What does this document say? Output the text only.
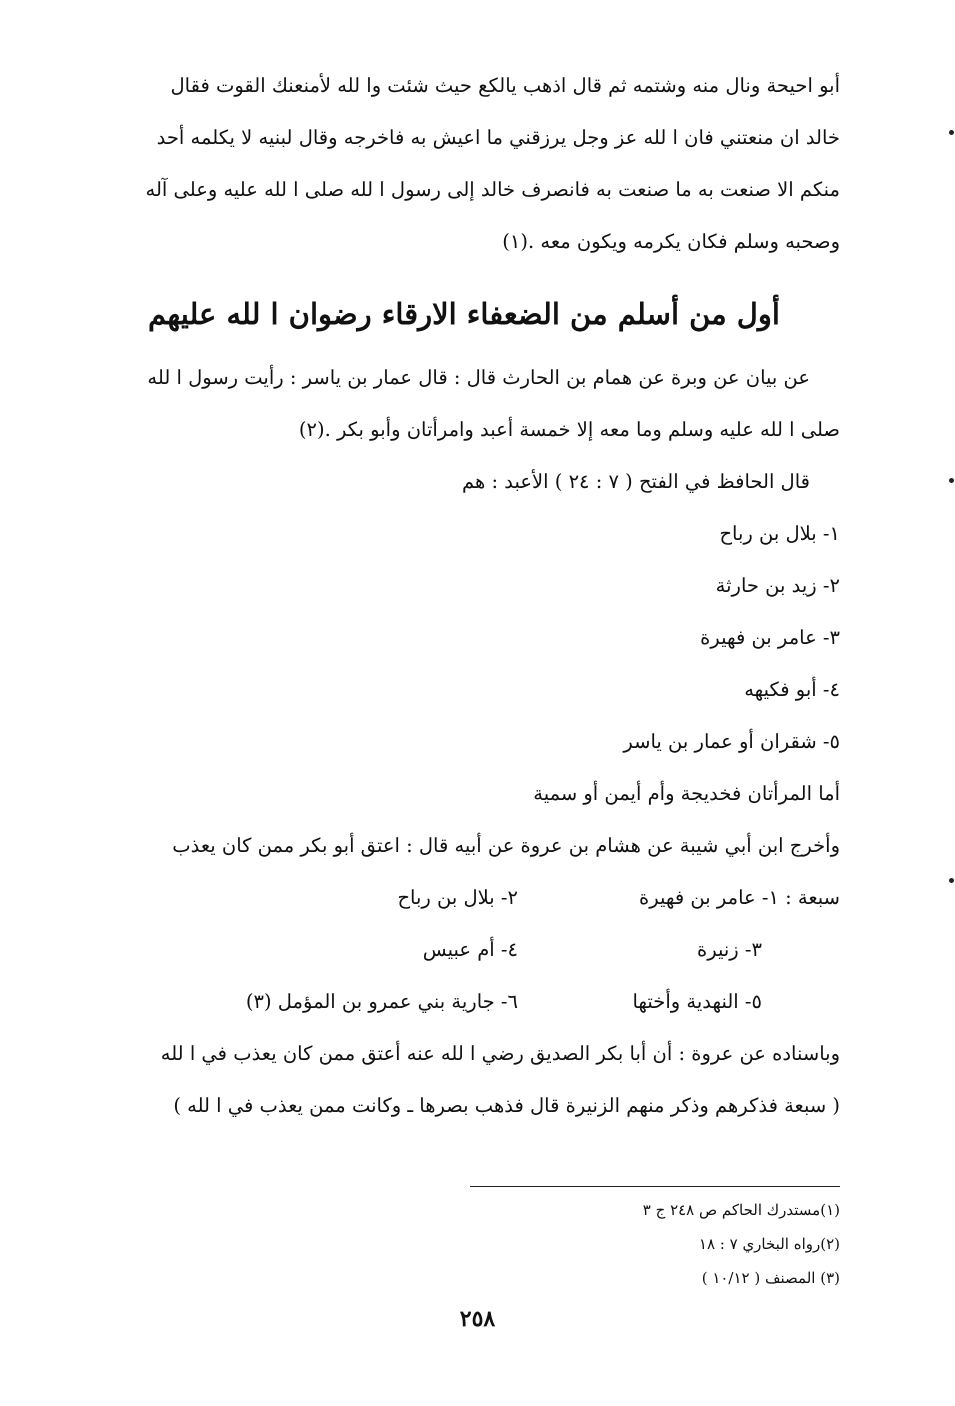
أبو احيحة ونال منه وشتمه ثم قال اذهب يالكع حيث شئت وا لله لأمنعنك القوت فقال
خالد ان منعتني فان ا لله عز وجل يرزقني ما اعيش به فاخرجه وقال لبنيه لا يكلمه أحد
منكم الا صنعت به ما صنعت به فانصرف خالد إلى رسول ا لله صلى ا لله عليه وعلى آله
وصحبه وسلم فكان يكرمه ويكون معه .(١)
أول من أسلم من الضعفاء الارقاء رضوان ا لله عليهم
عن بيان عن وبرة عن همام بن الحارث قال : قال عمار بن ياسر : رأيت رسول ا لله
صلى ا لله عليه وسلم وما معه إلا خمسة أعبد وامرأتان وأبو بكر .(٢)
قال الحافظ في الفتح ( ٧ : ٢٤ ) الأعبد : هم
١- بلال بن رباح
٢- زيد بن حارثة
٣- عامر بن فهيرة
٤- أبو فكيهه
٥- شقران أو عمار بن ياسر
أما المرأتان فخديجة وأم أيمن أو سمية
وأخرج ابن أبي شيبة عن هشام بن عروة عن أبيه قال : اعتق أبو بكر ممن كان يعذب
سبعة : ١- عامر بن فهيرة
٢- بلال بن رباح
٣- زنيرة
٤- أم عبيس
٥- النهدية وأختها
٦- جارية بني عمرو بن المؤمل (٣)
وباسناده عن عروة : أن أبا بكر الصديق رضي ا لله عنه أعتق ممن كان يعذب في ا لله
( سبعة فذكرهم وذكر منهم الزنيرة قال فذهب بصرها ـ وكانت ممن يعذب في ا لله )
(١)مستدرك الحاكم ص ٢٤٨ ج ٣
(٢)رواه البخاري ٧ : ١٨
(٣) المصنف ( ١٠/١٢ )
٢٥٨
